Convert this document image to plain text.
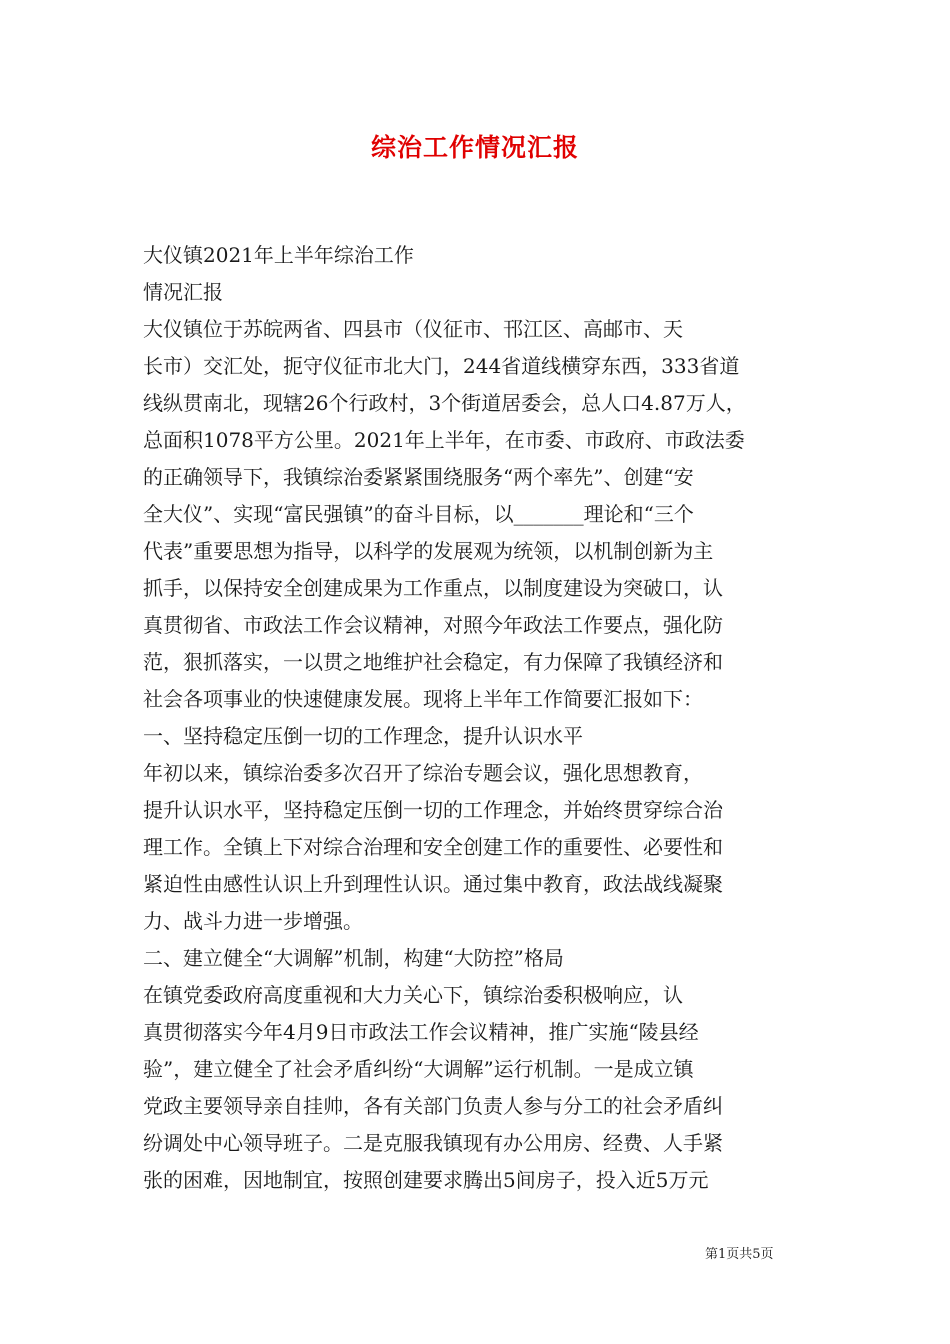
综治工作情况汇报
大仪镇2021年上半年综治工作
情况汇报
大仪镇位于苏皖两省、四县市（仪征市、邗江区、高邮市、天
长市）交汇处，扼守仪征市北大门，244省道线横穿东西，333省道
线纵贯南北，现辖26个行政村，3个街道居委会，总人口4.87万人，
总面积1078平方公里。2021年上半年，在市委、市政府、市政法委
的正确领导下，我镇综治委紧紧围绕服务“两个率先”、创建“安
全大仪”、实现“富民强镇”的奋斗目标，以_______理论和“三个
代表”重要思想为指导，以科学的发展观为统领，以机制创新为主
抓手，以保持安全创建成果为工作重点，以制度建设为突破口，认
真贯彻省、市政法工作会议精神，对照今年政法工作要点，强化防
范，狠抓落实，一以贯之地维护社会稳定，有力保障了我镇经济和
社会各项事业的快速健康发展。现将上半年工作简要汇报如下：
一、坚持稳定压倒一切的工作理念，提升认识水平
年初以来，镇综治委多次召开了综治专题会议，强化思想教育，
提升认识水平，坚持稳定压倒一切的工作理念，并始终贯穿综合治
理工作。全镇上下对综合治理和安全创建工作的重要性、必要性和
紧迫性由感性认识上升到理性认识。通过集中教育，政法战线凝聚
力、战斗力进一步增强。
二、建立健全“大调解”机制，构建“大防控”格局
在镇党委政府高度重视和大力关心下，镇综治委积极响应，认
真贯彻落实今年4月9日市政法工作会议精神，推广实施“陵县经
验”，建立健全了社会矛盾纠纷“大调解”运行机制。一是成立镇
党政主要领导亲自挂帅，各有关部门负责人参与分工的社会矛盾纠
纷调处中心领导班子。二是克服我镇现有办公用房、经费、人手紧
张的困难，因地制宜，按照创建要求腾出5间房子，投入近5万元
第1页共5页
